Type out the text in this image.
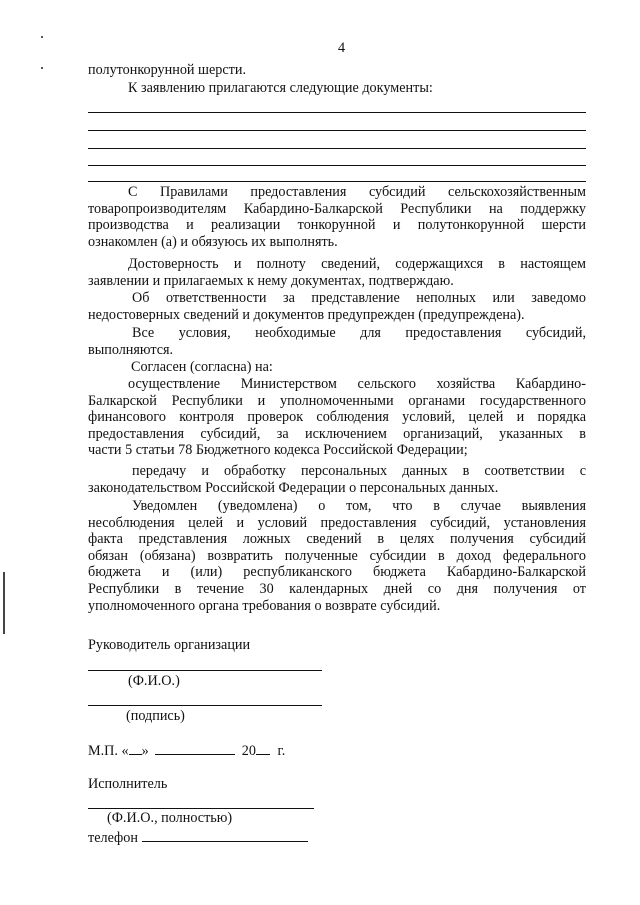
4
полутонкорунной шерсти.
К заявлению прилагаются следующие документы:

С Правилами предоставления субсидий сельскохозяйственным

товаропроизводителям Кабардино-Балкарской Республики на поддержку

производства и реализации тонкорунной и полутонкорунной шерсти

ознакомлен (а) и обязуюсь их выполнять.

Достоверность и полноту сведений, содержащихся в настоящем

заявлении и прилагаемых к нему документах, подтверждаю.

Об ответственности за представление неполных или заведомо

недостоверных сведений и документов предупрежден (предупреждена).

Все условия, необходимые для предоставления субсидий,

выполняются.

Согласен (согласна) на:

осуществление Министерством сельского хозяйства Кабардино-

Балкарской Республики и уполномоченными органами государственного

финансового контроля проверок соблюдения условий, целей и порядка

предоставления субсидий, за исключением организаций, указанных в

части 5 статьи 78 Бюджетного кодекса Российской Федерации;

передачу и обработку персональных данных в соответствии с

законодательством Российской Федерации о персональных данных.

Уведомлен (уведомлена) о том, что в случае выявления

несоблюдения целей и условий предоставления субсидий, установления

факта представления ложных сведений в целях получения субсидий

обязан (обязана) возвратить полученные субсидии в доход федерального

бюджета и (или) республиканского бюджета Кабардино-Балкарской

Республики в течение 30 календарных дней со дня получения от

уполномоченного органа требования о возврате субсидий.

Руководитель организации
(Ф.И.О.)
(подпись)
М.П. « »	20 г.
Исполнитель
(Ф.И.О., полностью)
телефон
